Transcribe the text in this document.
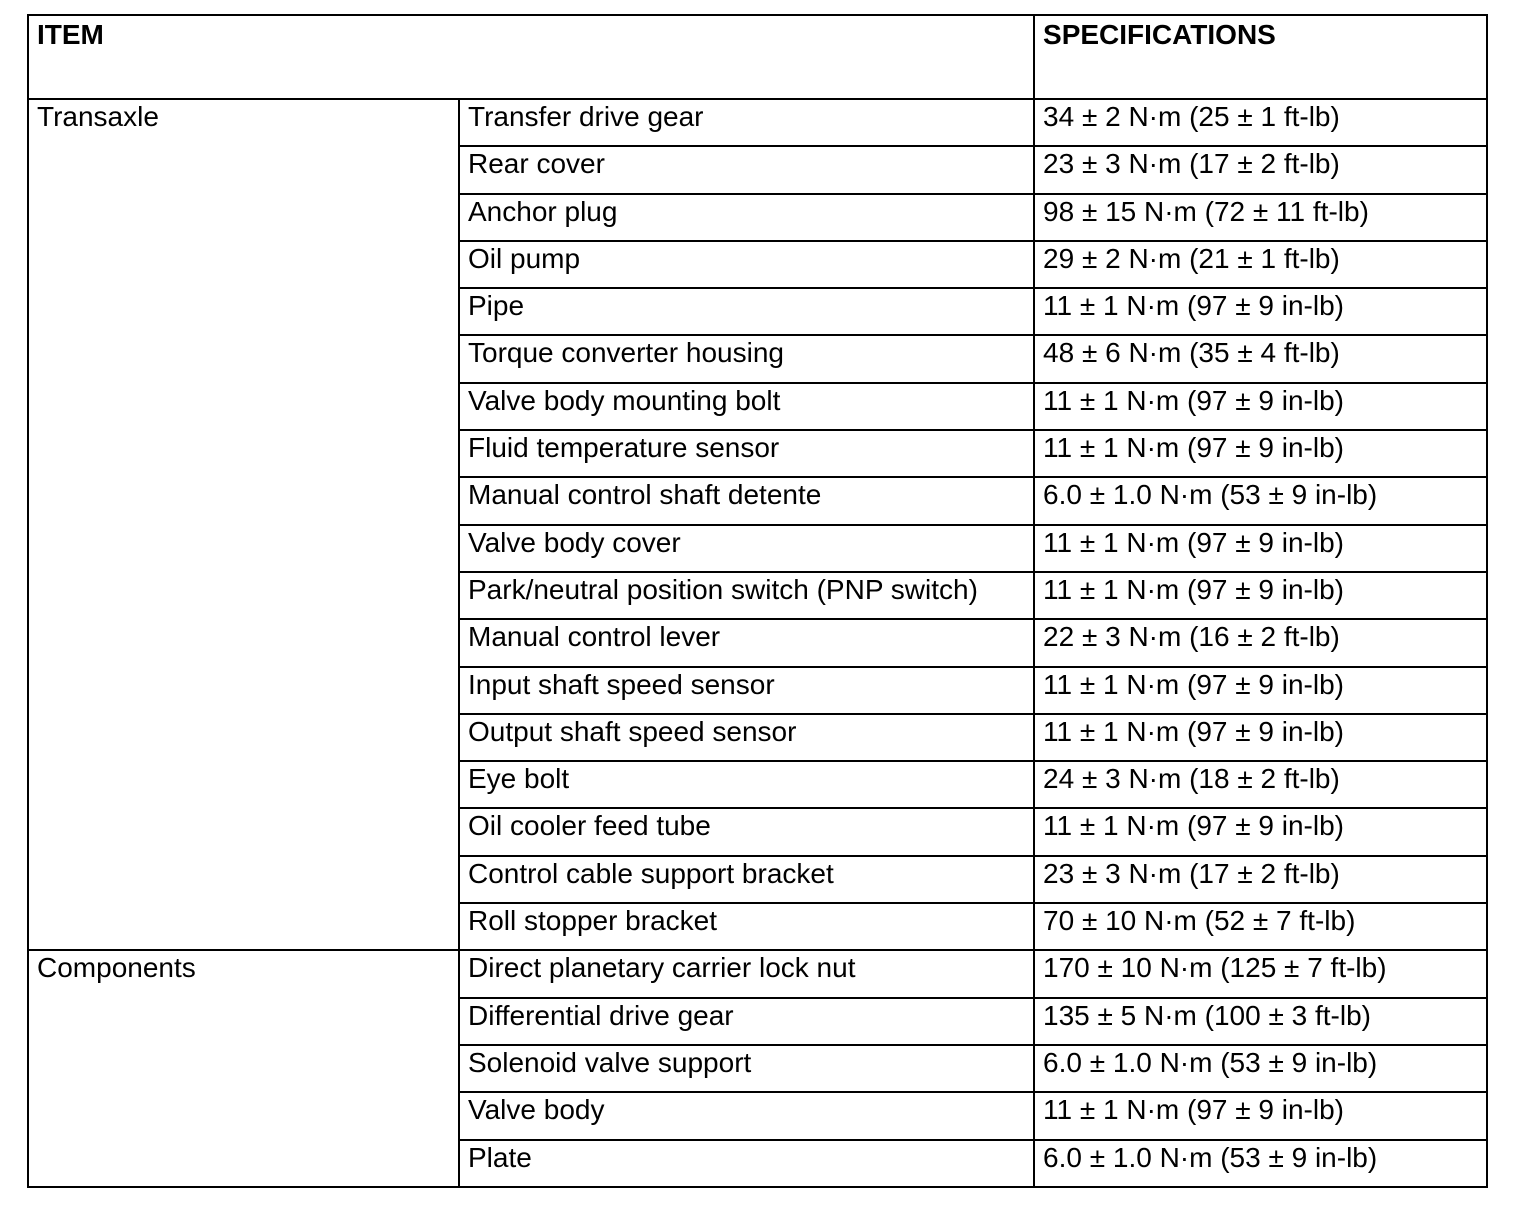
ITEM		SPECIFICATIONS
Transaxle	Transfer drive gear	34 ± 2 N·m (25 ± 1 ft-lb)
	Rear cover	23 ± 3 N·m (17 ± 2 ft-lb)
	Anchor plug	98 ± 15 N·m (72 ± 11 ft-lb)
	Oil pump	29 ± 2 N·m (21 ± 1 ft-lb)
	Pipe	11 ± 1 N·m (97 ± 9 in-lb)
	Torque converter housing	48 ± 6 N·m (35 ± 4 ft-lb)
	Valve body mounting bolt	11 ± 1 N·m (97 ± 9 in-lb)
	Fluid temperature sensor	11 ± 1 N·m (97 ± 9 in-lb)
	Manual control shaft detente	6.0 ± 1.0 N·m (53 ± 9 in-lb)
	Valve body cover	11 ± 1 N·m (97 ± 9 in-lb)
	Park/neutral position switch (PNP switch)	11 ± 1 N·m (97 ± 9 in-lb)
	Manual control lever	22 ± 3 N·m (16 ± 2 ft-lb)
	Input shaft speed sensor	11 ± 1 N·m (97 ± 9 in-lb)
	Output shaft speed sensor	11 ± 1 N·m (97 ± 9 in-lb)
	Eye bolt	24 ± 3 N·m (18 ± 2 ft-lb)
	Oil cooler feed tube	11 ± 1 N·m (97 ± 9 in-lb)
	Control cable support bracket	23 ± 3 N·m (17 ± 2 ft-lb)
	Roll stopper bracket	70 ± 10 N·m (52 ± 7 ft-lb)
Components	Direct planetary carrier lock nut	170 ± 10 N·m (125 ± 7 ft-lb)
	Differential drive gear	135 ± 5 N·m (100 ± 3 ft-lb)
	Solenoid valve support	6.0 ± 1.0 N·m (53 ± 9 in-lb)
	Valve body	11 ± 1 N·m (97 ± 9 in-lb)
	Plate	6.0 ± 1.0 N·m (53 ± 9 in-lb)
